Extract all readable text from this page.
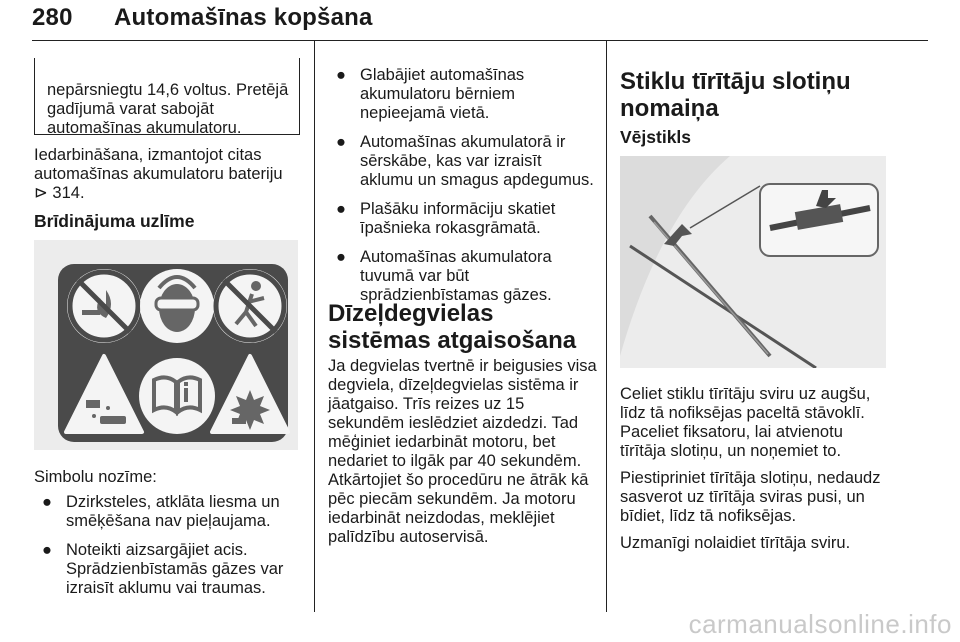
280 Automašīnas kopšana

nepārsniegtu 14,6 voltus. Pretējā gadījumā varat sabojāt automašīnas akumulatoru.

Iedarbināšana, izmantojot citas automašīnas akumulatoru bateriju
⊳ 314.

Brīdinājuma uzlīme

Simbolu nozīme:

● Dzirksteles, atklāta liesma un smēķēšana nav pieļaujama.
● Noteikti aizsargājiet acis. Sprādzienbīstamās gāzes var izraisīt aklumu vai traumas.
● Glabājiet automašīnas akumulatoru bērniem nepieejamā vietā.
● Automašīnas akumulatorā ir sērskābe, kas var izraisīt aklumu un smagus apdegumus.
● Plašāku informāciju skatiet īpašnieka rokasgrāmatā.
● Automašīnas akumulatora tuvumā var būt sprādzienbīstamas gāzes.
Dīzeļdegvielas sistēmas atgaisošana
Ja degvielas tvertnē ir beigusies visa degviela, dīzeļdegvielas sistēma ir jāatgaiso. Trīs reizes uz 15 sekundēm ieslēdziet aizdedzi. Tad mēģiniet iedarbināt motoru, bet nedariet to ilgāk par 40 sekundēm. Atkārtojiet šo procedūru ne ātrāk kā pēc piecām sekundēm. Ja motoru iedarbināt neizdodas, meklējiet palīdzību autoservisā.
Stiklu tīrītāju slotiņu nomaiņa
Vējstikls

Celiet stiklu tīrītāju sviru uz augšu, līdz tā nofiksējas paceltā stāvoklī. Paceliet fiksatoru, lai atvienotu tīrītāja slotiņu, un noņemiet to.

Piestipriniet tīrītāja slotiņu, nedaudz sasverot uz tīrītāja sviras pusi, un bīdiet, līdz tā nofiksējas.

Uzmanīgi nolaidiet tīrītāja sviru.

carmanualsonline.info
